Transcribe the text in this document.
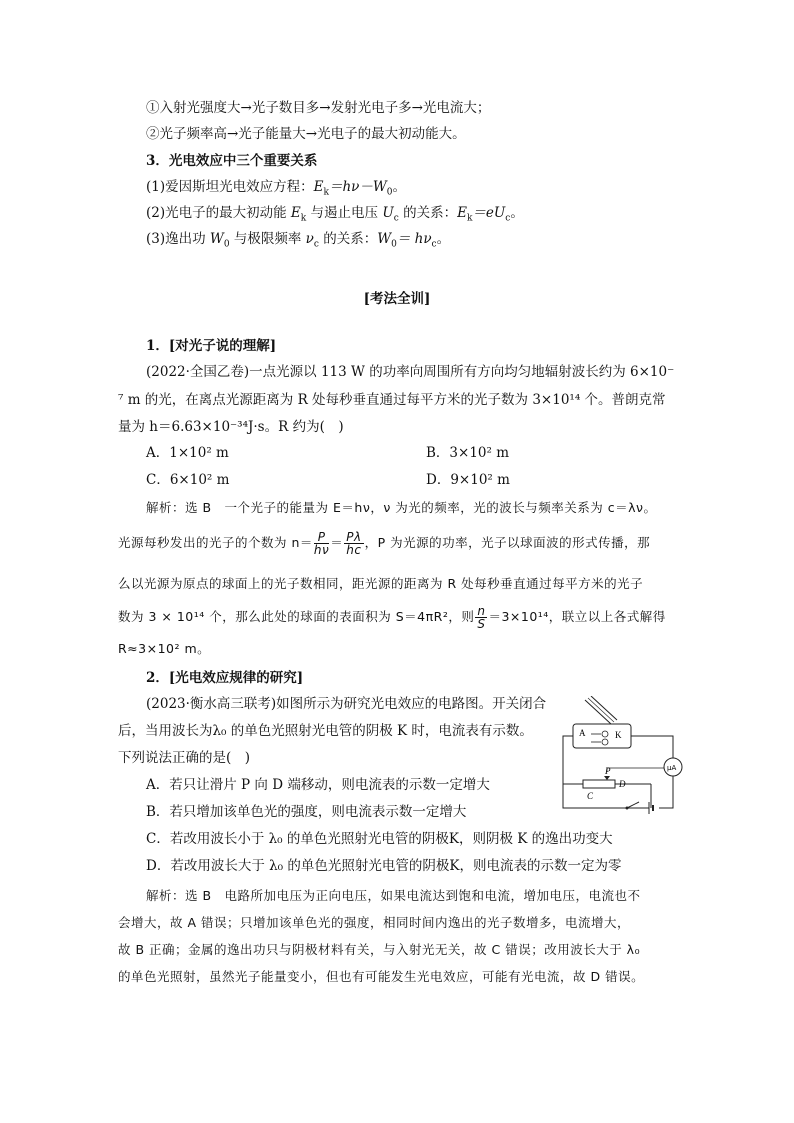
①入射光强度大→光子数目多→发射光电子多→光电流大；
②光子频率高→光子能量大→光电子的最大初动能大。
3．光电效应中三个重要关系
(1)爱因斯坦光电效应方程：$E_k=h\nu-W_0$。
(2)光电子的最大初动能 $E_k$ 与遏止电压 $U_c$ 的关系：$E_k=eU_c$。
(3)逸出功 $W_0$ 与极限频率 $\nu_c$ 的关系：$W_0= h\nu_c$。
[考法全训]
1．[对光子说的理解]
(2022·全国乙卷)一点光源以 113 W 的功率向周围所有方向均匀地辐射波长约为 6×10⁻
⁷ m 的光，在离点光源距离为 R 处每秒垂直通过每平方米的光子数为 3×10¹⁴ 个。普朗克常
量为 h＝6.63×10⁻³⁴J·s。R 约为(　)
A．1×10² m	B．3×10² m
C．6×10² m	D．9×10² m
解析：选 B　一个光子的能量为 E＝hν，ν 为光的频率，光的波长与频率关系为 c＝λν。
光源每秒发出的光子的个数为 $n= \frac{P}{h\nu} = \frac{P\lambda}{hc}$ ，P 为光源的功率，光子以球面波的形式传播，那
么以光源为原点的球面上的光子数相同，距光源的距离为 R 处每秒垂直通过每平方米的光子
数为 3 × 10¹⁴ 个，那么此处的球面的表面积为 S＝4πR²，则 $\frac{n}{S} =3\times 10^{14}$，联立以上各式解得
R≈3×10² m。
2．[光电效应规律的研究]
(2023·衡水高三联考)如图所示为研究光电效应的电路图。开关闭合
后，当用波长为λ₀ 的单色光照射光电管的阴极 K 时，电流表有示数。
下列说法正确的是(　)
A．若只让滑片 P 向 D 端移动，则电流表的示数一定增大
B．若只增加该单色光的强度，则电流表示数一定增大
C．若改用波长小于 λ₀ 的单色光照射光电管的阴极K，则阴极 K 的逸出功变大
D．若改用波长大于 λ₀ 的单色光照射光电管的阴极K，则电流表的示数一定为零
解析：选 B　电路所加电压为正向电压，如果电流达到饱和电流，增加电压，电流也不
会增大，故 A 错误；只增加该单色光的强度，相同时间内逸出的光子数增多，电流增大，
故 B 正确；金属的逸出功只与阴极材料有关，与入射光无关，故 C 错误；改用波长大于 λ₀
的单色光照射，虽然光子能量变小，但也有可能发生光电效应，可能有光电流，故 D 错误。
A	K
P
C
D
μA
